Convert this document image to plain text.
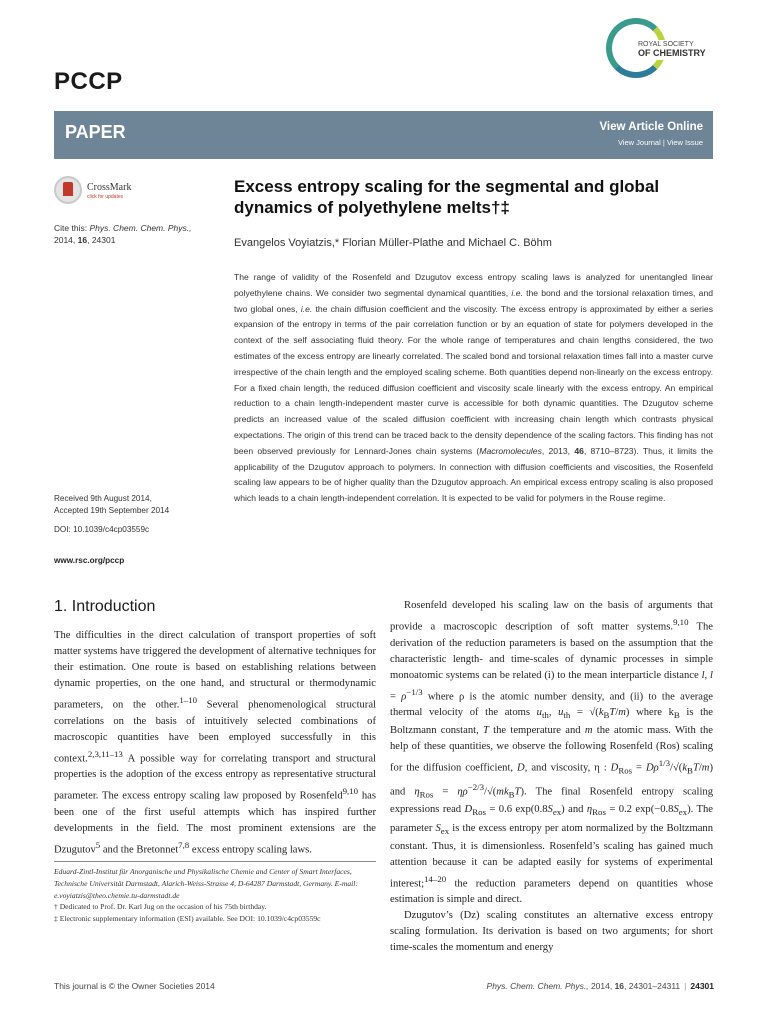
PCCP
ROYAL SOCIETY
OF CHEMISTRY
PAPER	View Article Online
View Journal | View Issue
CrossMark
click for updates
Cite this: Phys. Chem. Chem. Phys.,
2014, 16, 24301
Received 9th August 2014,
Accepted 19th September 2014
DOI: 10.1039/c4cp03559c
www.rsc.org/pccp
Excess entropy scaling for the segmental and global dynamics of polyethylene melts†‡
Evangelos Voyiatzis,* Florian Müller-Plathe and Michael C. Böhm
The range of validity of the Rosenfeld and Dzugutov excess entropy scaling laws is analyzed for unentangled linear polyethylene chains. We consider two segmental dynamical quantities, i.e. the bond and the torsional relaxation times, and two global ones, i.e. the chain diffusion coefficient and the viscosity. The excess entropy is approximated by either a series expansion of the entropy in terms of the pair correlation function or by an equation of state for polymers developed in the context of the self associating fluid theory. For the whole range of temperatures and chain lengths considered, the two estimates of the excess entropy are linearly correlated. The scaled bond and torsional relaxation times fall into a master curve irrespective of the chain length and the employed scaling scheme. Both quantities depend non-linearly on the excess entropy. For a fixed chain length, the reduced diffusion coefficient and viscosity scale linearly with the excess entropy. An empirical reduction to a chain length-independent master curve is accessible for both dynamic quantities. The Dzugutov scheme predicts an increased value of the scaled diffusion coefficient with increasing chain length which contrasts physical expectations. The origin of this trend can be traced back to the density dependence of the scaling factors. This finding has not been observed previously for Lennard-Jones chain systems (Macromolecules, 2013, 46, 8710–8723). Thus, it limits the applicability of the Dzugutov approach to polymers. In connection with diffusion coefficients and viscosities, the Rosenfeld scaling law appears to be of higher quality than the Dzugutov approach. An empirical excess entropy scaling is also proposed which leads to a chain length-independent correlation. It is expected to be valid for polymers in the Rouse regime.
1. Introduction
The difficulties in the direct calculation of transport properties of soft matter systems have triggered the development of alternative techniques for their estimation. One route is based on establishing relations between dynamic properties, on the one hand, and structural or thermodynamic parameters, on the other.$^{1-10}$ Several phenomenological structural correlations on the basis of intuitively selected combinations of macroscopic quantities have been employed successfully in this context.$^{2,3,11-13}$ A possible way for correlating transport and structural properties is the adoption of the excess entropy as representative structural parameter. The excess entropy scaling law proposed by Rosenfeld$^{9,10}$ has been one of the first useful attempts which has inspired further developments in the field. The most prominent extensions are the Dzugutov$^5$ and the Bretonnet$^{7,8}$ excess entropy scaling laws.
Eduard-Zintl-Institut für Anorganische und Physikalische Chemie and Center of Smart Interfaces, Technische Universität Darmstadt, Alarich-Weiss-Strasse 4, D-64287 Darmstadt, Germany. E-mail: e.voyiatzis@theo.chemie.tu-darmstadt.de
† Dedicated to Prof. Dr. Karl Jug on the occasion of his 75th birthday.
‡ Electronic supplementary information (ESI) available. See DOI: 10.1039/c4cp03559c
Rosenfeld developed his scaling law on the basis of arguments that provide a macroscopic description of soft matter systems.$^{9,10}$ The derivation of the reduction parameters is based on the assumption that the characteristic length- and time-scales of dynamic processes in simple monoatomic systems can be related (i) to the mean interparticle distance l, $l = \rho^{-1/3}$ where ρ is the atomic number density, and (ii) to the average thermal velocity of the atoms $u_{th}$, $u_{th} = √(k_BT/m)$ where $k_B$ is the Boltzmann constant, T the temperature and m the atomic mass. With the help of these quantities, we observe the following Rosenfeld (Ros) scaling for the diffusion coefficient, D, and viscosity, η : $D_{Ros} = D\rho^{1/3}/√(k_BT/m)$ and $\eta_{Ros} = \eta\rho^{-2/3}/√(mk_BT)$. The final Rosenfeld entropy scaling expressions read $D_{Ros} = 0.6$ $\exp(0.8S_{ex})$ and $\eta_{Ros} = 0.2$ $\exp(-0.8S_{ex})$. The parameter $S_{ex}$ is the excess entropy per atom normalized by the Boltzmann constant. Thus, it is dimensionless. Rosenfeld’s scaling has gained much attention because it can be adapted easily for systems of experimental interest;$^{14-20}$ the reduction parameters depend on quantities whose estimation is simple and direct.
Dzugutov’s (Dz) scaling constitutes an alternative excess entropy scaling formulation. Its derivation is based on two arguments; for short time-scales the momentum and energy
This journal is © the Owner Societies 2014	Phys. Chem. Chem. Phys., 2014, 16, 24301–24311 | 24301
